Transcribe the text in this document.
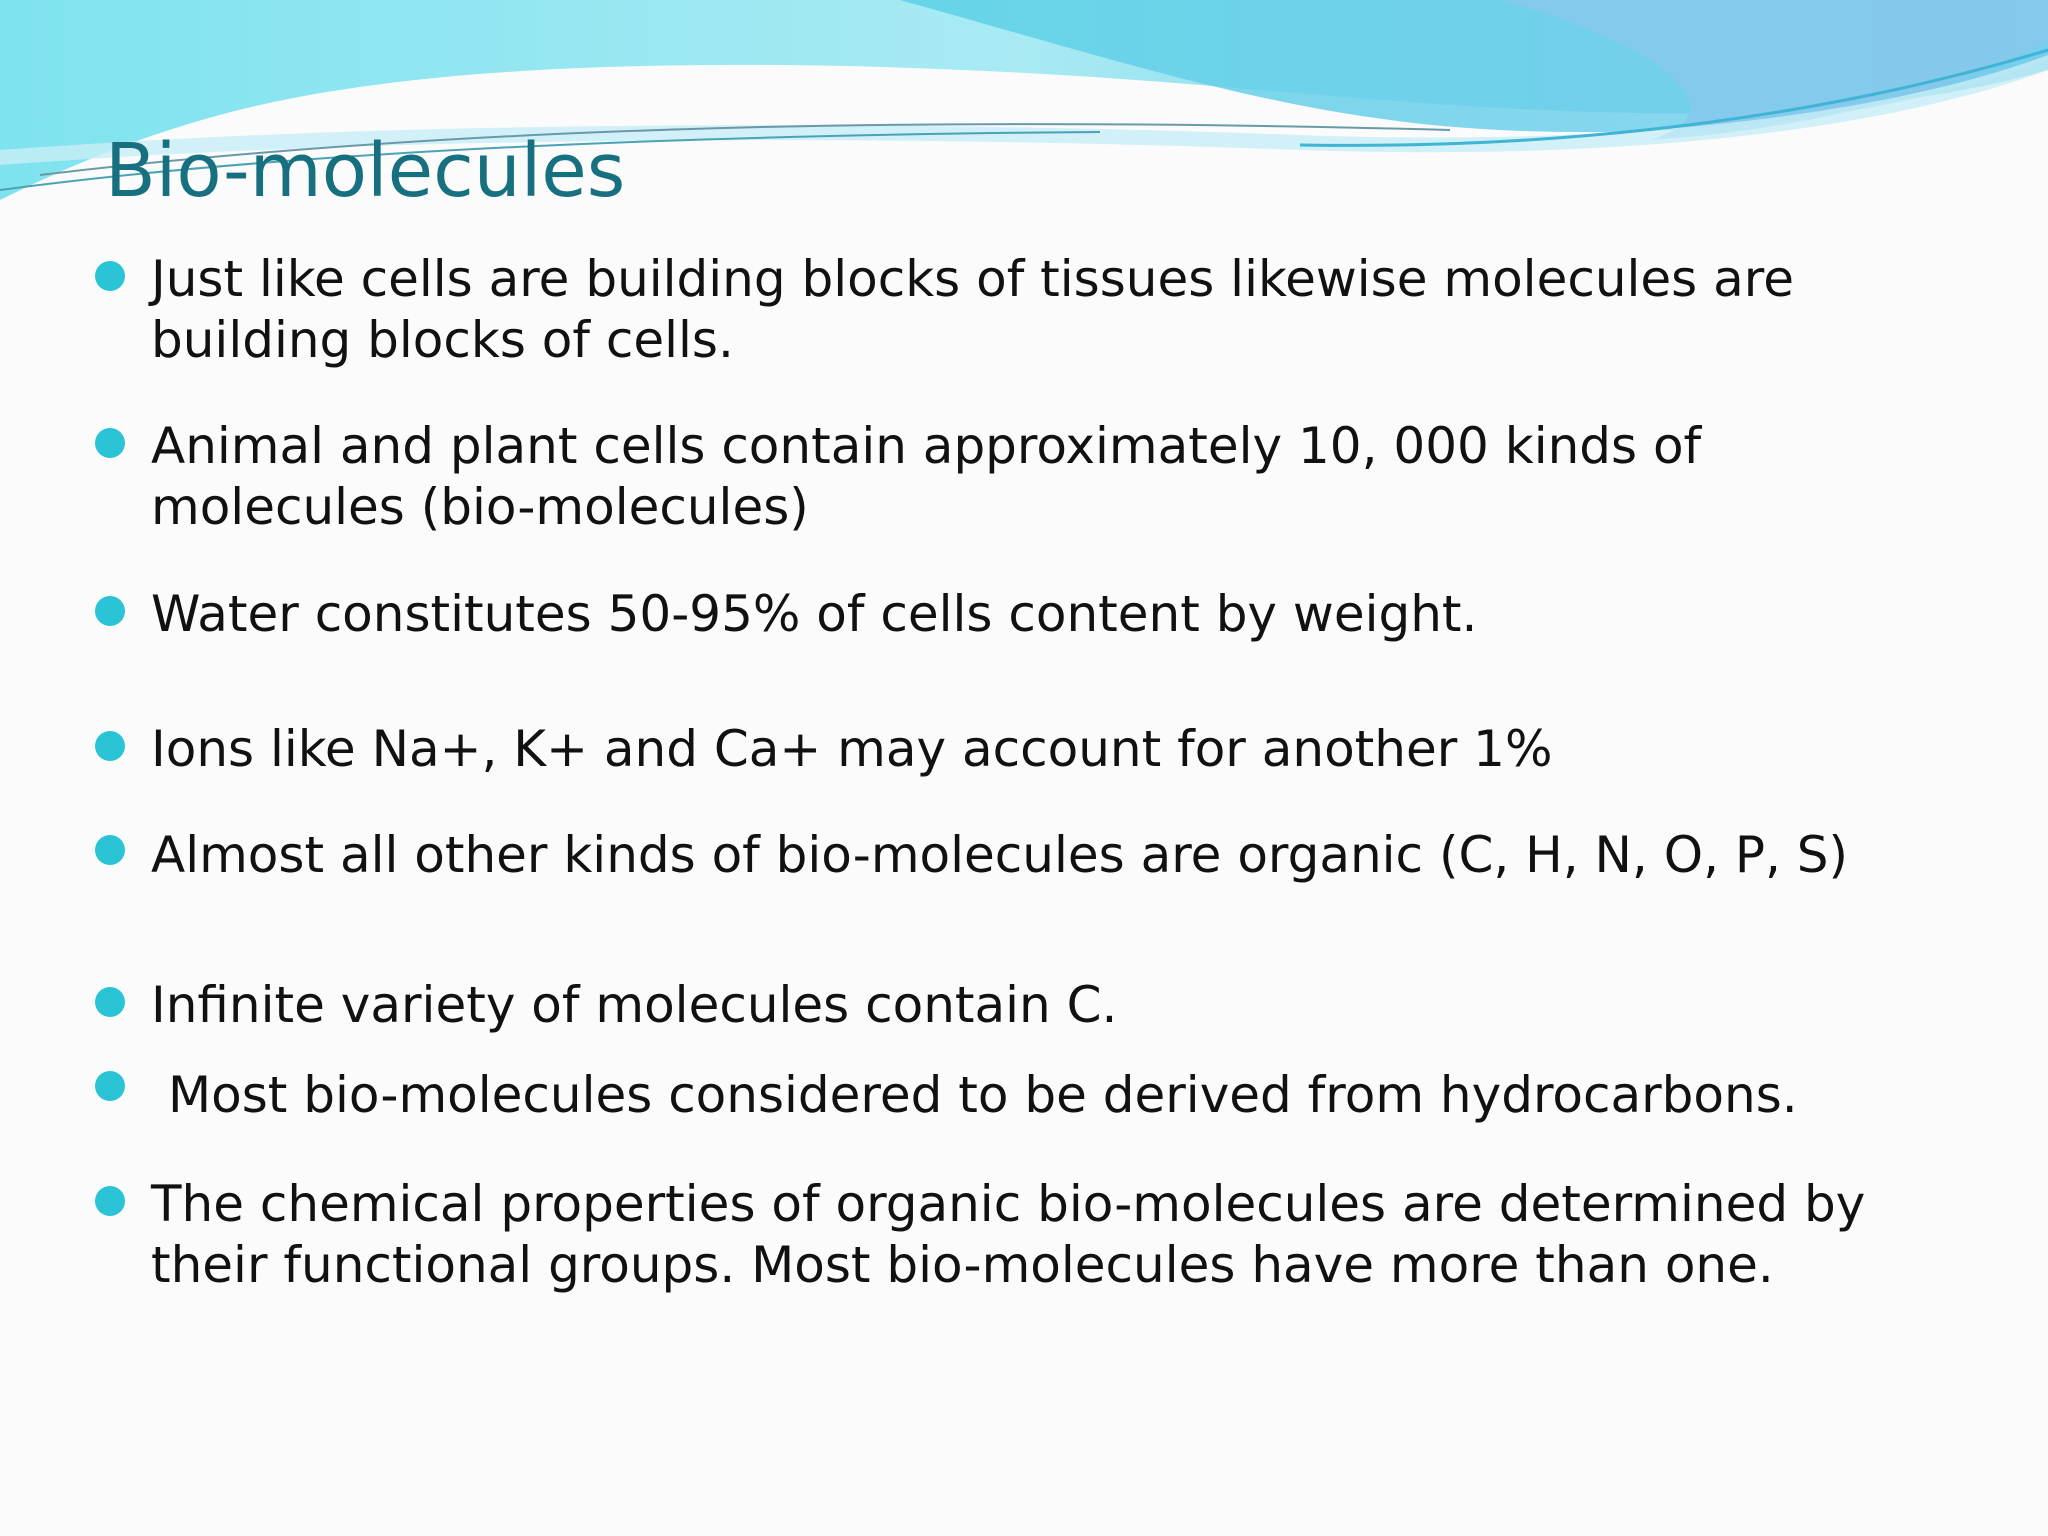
Bio-molecules

Just like cells are building blocks of tissues likewise molecules are

building blocks of cells.

Animal and plant cells contain approximately 10, 000 kinds of

molecules (bio-molecules)

Water constitutes 50-95% of cells content by weight.

Ions like Na+, K+ and Ca+ may account for another 1%

Almost all other kinds of bio-molecules are organic (C, H, N, O, P, S)

Infinite variety of molecules contain C.

Most bio-molecules considered to be derived from hydrocarbons.

The chemical properties of organic bio-molecules are determined by

their functional groups. Most bio-molecules have more than one.
